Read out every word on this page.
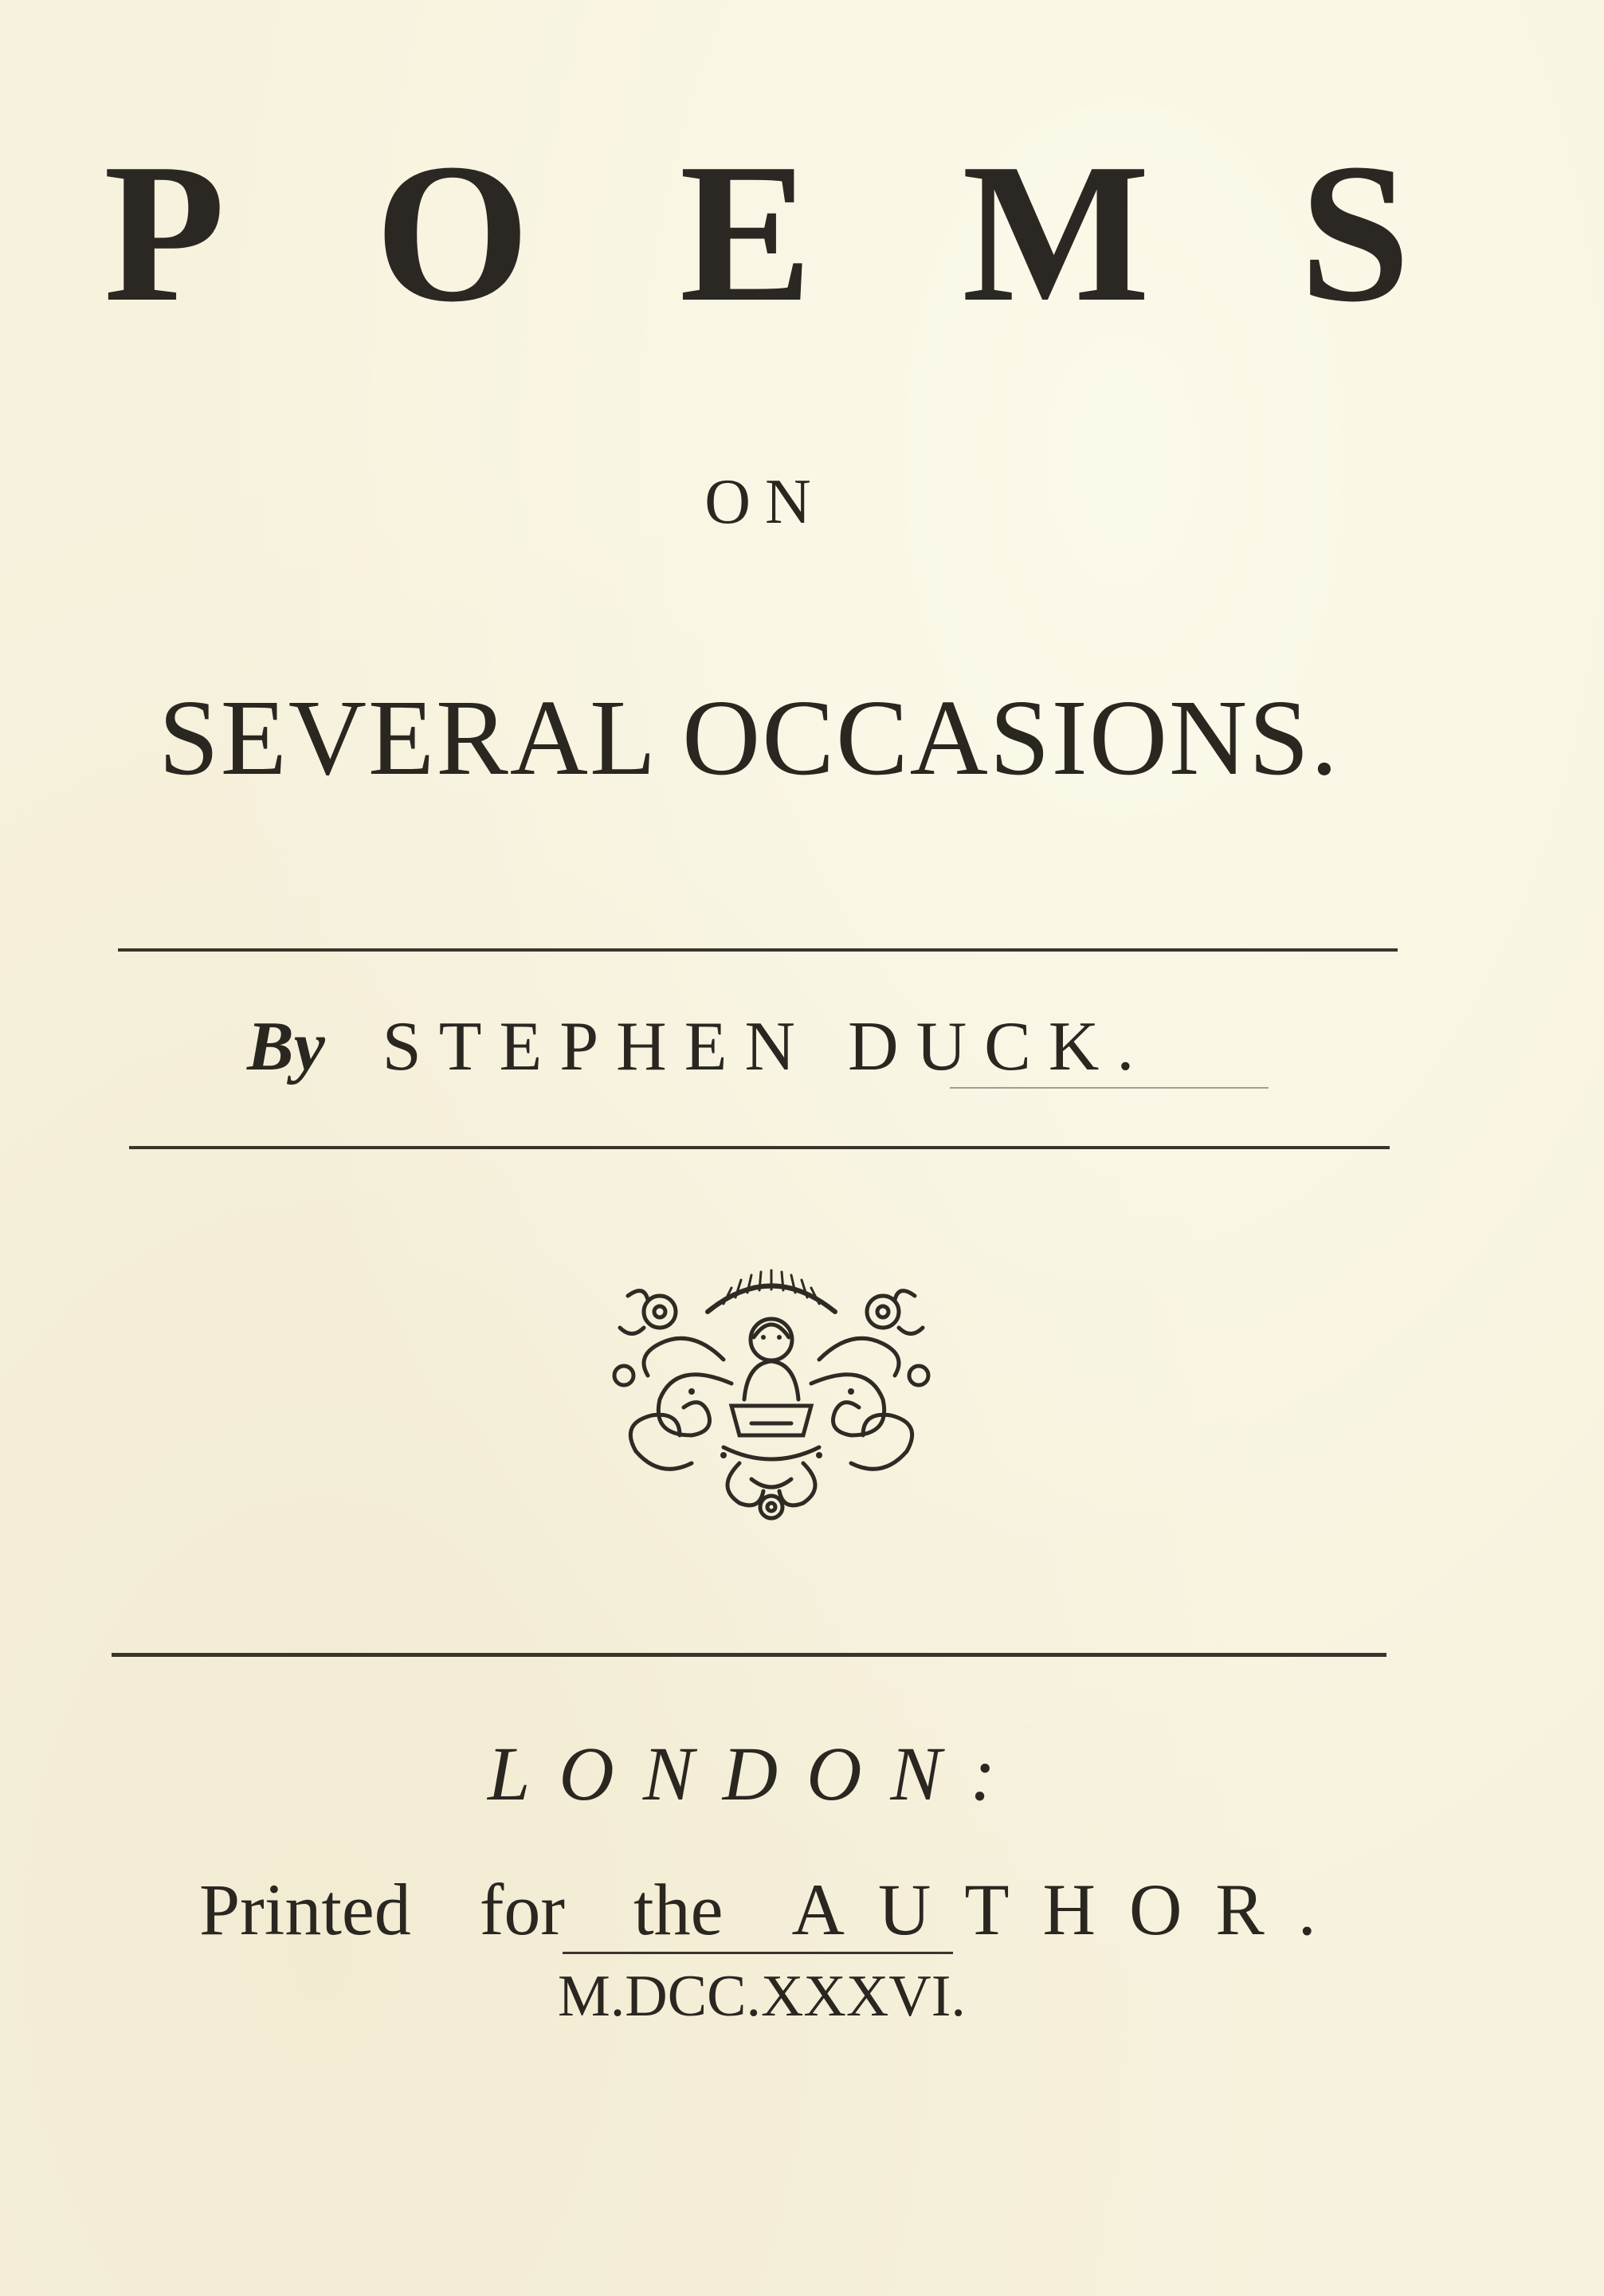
P O E M S
ON
SEVERAL OCCASIONS.
By STEPHEN DUCK.
LONDON:
Printed for the AUTHOR.
M.DCC.XXXVI.
